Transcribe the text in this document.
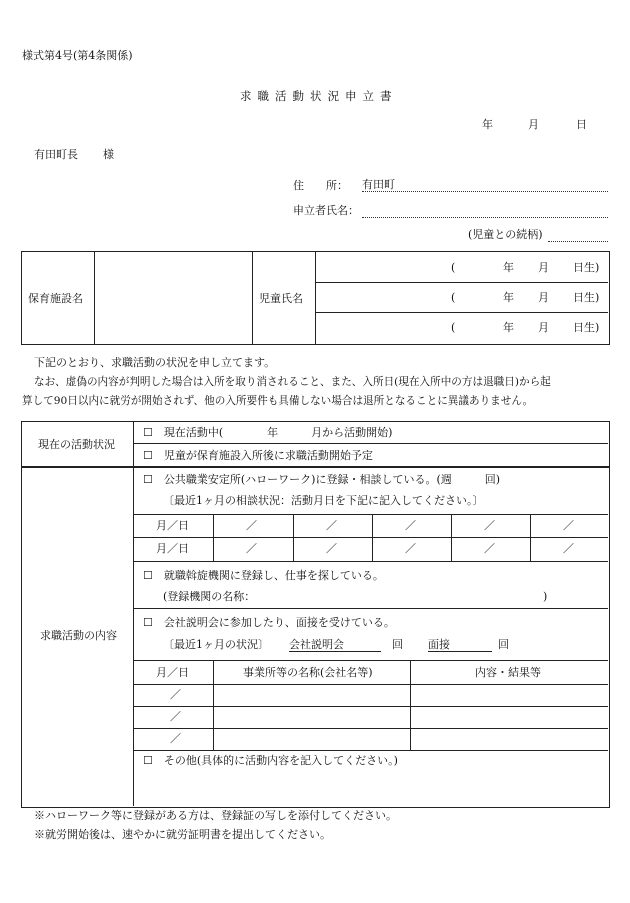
様式第4号(第4条関係)
求職活動状況申立書
年	月	日
有田町長 様
住　　所： 有田町
申立者氏名：
(児童との続柄)
保育施設名	児童氏名
(	年 月 日生)
(	年 月 日生)
(	年 月 日生)
下記のとおり、求職活動の状況を申し立てます。
なお、虚偽の内容が判明した場合は入所を取り消されること、また、入所日(現在入所中の方は退職日)から起
算して90日以内に就労が開始されず、他の入所要件も具備しない場合は退所となることに異議ありません。
現在の活動状況
☐　現在活動中(　　　　年　　　月から活動開始)
☐　児童が保育施設入所後に求職活動開始予定
求職活動の内容
☐　公共職業安定所(ハローワーク)に登録・相談している。(週　　　回)
〔最近1ヶ月の相談状況：活動月日を下記に記入してください。〕
月／日	／	／	／	／	／
月／日	／	／	／	／	／
☐　就職斡旋機関に登録し、仕事を探している。
(登録機関の名称：	)
☐　会社説明会に参加したり、面接を受けている。
〔最近1ヶ月の状況〕 会社説明会	回 面接	回
月／日	事業所等の名称(会社名等)	内容・結果等
／
／
／
☐　その他(具体的に活動内容を記入してください。)
※ハローワーク等に登録がある方は、登録証の写しを添付してください。
※就労開始後は、速やかに就労証明書を提出してください。
